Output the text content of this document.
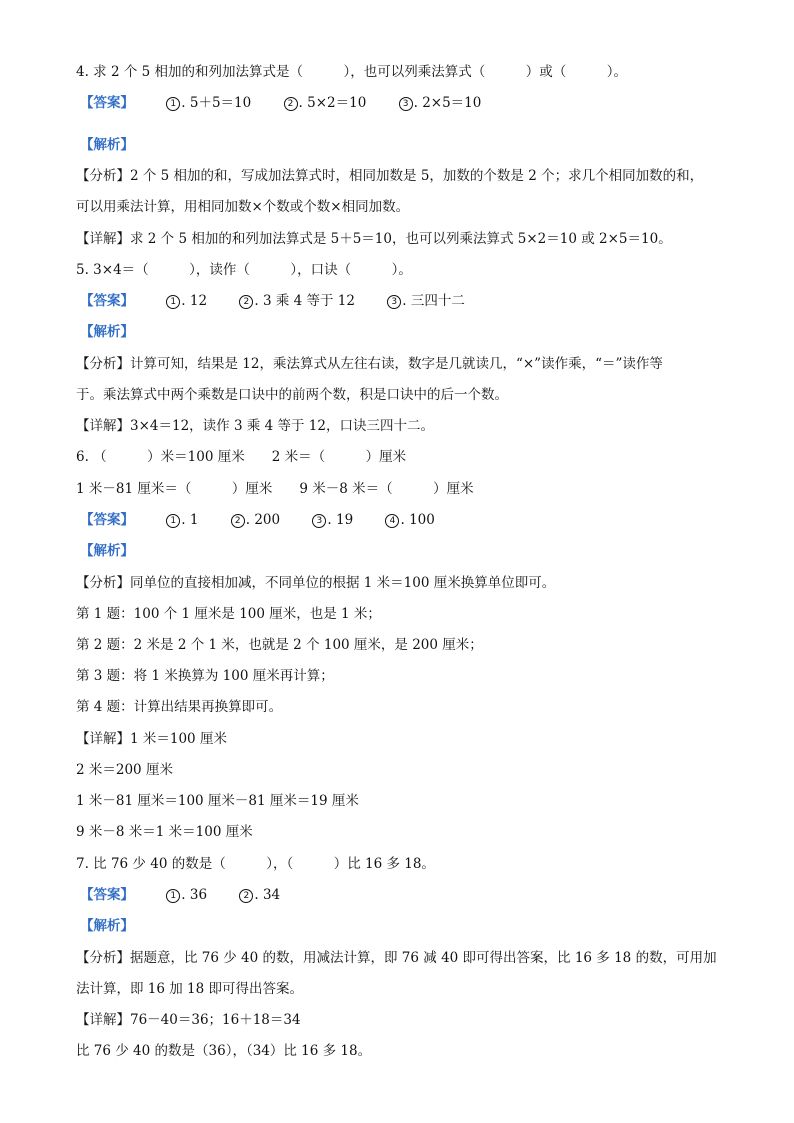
4. 求 2 个 5 相加的和列加法算式是（　　　），也可以列乘法算式（　　　）或（　　　）。
【答案】	1 . 5＋5＝10	2 . 5×2＝10	3 . 2×5＝10
【解析】
【分析】2 个 5 相加的和，写成加法算式时，相同加数是 5，加数的个数是 2 个；求几个相同加数的和，
可以用乘法计算，用相同加数×个数或个数×相同加数。
【详解】求 2 个 5 相加的和列加法算式是 5＋5＝10，也可以列乘法算式 5×2＝10 或 2×5＝10。
5. 3×4＝（　　　），读作（　　　），口诀（　　　）。
【答案】	1 . 12	2 . 3 乘 4 等于 12	3 . 三四十二
【解析】
【分析】计算可知，结果是 12，乘法算式从左往右读，数字是几就读几，“×”读作乘，“＝”读作等
于。乘法算式中两个乘数是口诀中的前两个数，积是口诀中的后一个数。
【详解】3×4＝12，读作 3 乘 4 等于 12，口诀三四十二。
6. （　　　）米＝100 厘米　　2 米＝（　　　）厘米
1 米－81 厘米＝（　　　）厘米　　9 米－8 米＝（　　　）厘米
【答案】	1 . 1	2 . 200	3 . 19	4 . 100
【解析】
【分析】同单位的直接相加减，不同单位的根据 1 米＝100 厘米换算单位即可。
第 1 题：100 个 1 厘米是 100 厘米，也是 1 米；
第 2 题：2 米是 2 个 1 米，也就是 2 个 100 厘米，是 200 厘米；
第 3 题：将 1 米换算为 100 厘米再计算；
第 4 题：计算出结果再换算即可。
【详解】1 米＝100 厘米
2 米＝200 厘米
1 米－81 厘米＝100 厘米－81 厘米＝19 厘米
9 米－8 米＝1 米＝100 厘米
7. 比 76 少 40 的数是（　　　），（　　　）比 16 多 18。
【答案】	1 . 36	2 . 34
【解析】
【分析】据题意，比 76 少 40 的数，用减法计算，即 76 减 40 即可得出答案，比 16 多 18 的数，可用加
法计算，即 16 加 18 即可得出答案。
【详解】76－40＝36；16＋18＝34
比 76 少 40 的数是（36），（34）比 16 多 18。
